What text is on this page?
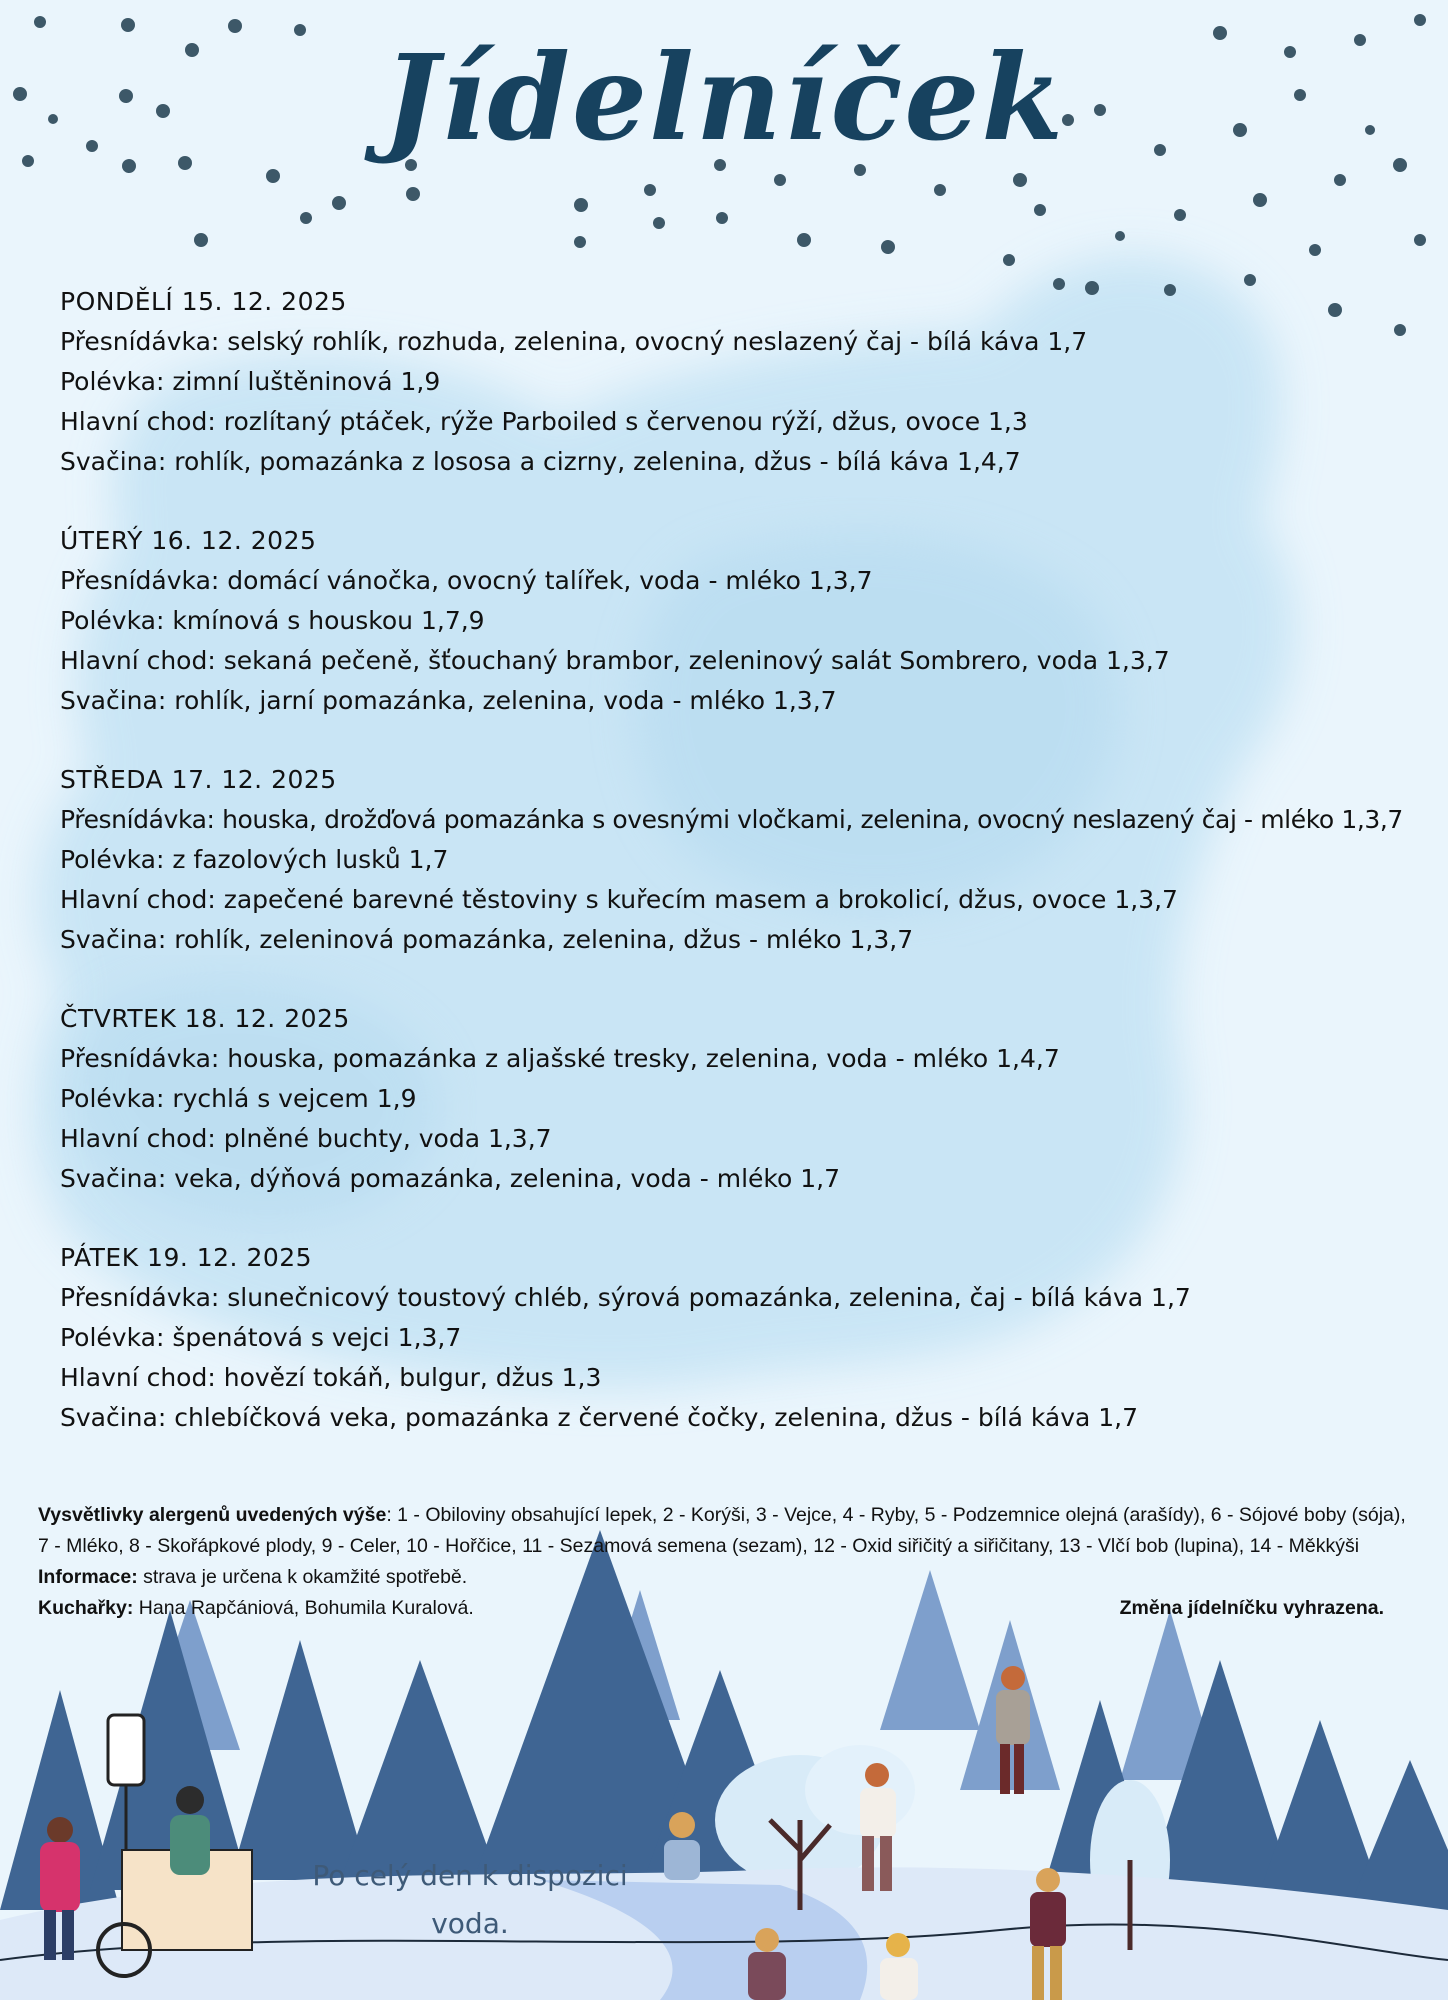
Jídelníček
PONDĚLÍ 15. 12. 2025
Přesnídávka: selský rohlík, rozhuda, zelenina, ovocný neslazený čaj - bílá káva 1,7
Polévka: zimní luštěninová 1,9
Hlavní chod: rozlítaný ptáček, rýže Parboiled s červenou rýží, džus, ovoce 1,3
Svačina: rohlík, pomazánka z lososa a cizrny, zelenina, džus - bílá káva 1,4,7
ÚTERÝ 16. 12. 2025
Přesnídávka: domácí vánočka, ovocný talířek, voda - mléko 1,3,7
Polévka: kmínová s houskou 1,7,9
Hlavní chod: sekaná pečeně, šťouchaný brambor, zeleninový salát Sombrero, voda 1,3,7
Svačina: rohlík, jarní pomazánka, zelenina, voda - mléko 1,3,7
STŘEDA 17. 12. 2025
Přesnídávka: houska, drožďová pomazánka s ovesnými vločkami, zelenina, ovocný neslazený čaj - mléko 1,3,7
Polévka: z fazolových lusků 1,7
Hlavní chod: zapečené barevné těstoviny s kuřecím masem a brokolicí, džus, ovoce 1,3,7
Svačina: rohlík, zeleninová pomazánka, zelenina, džus - mléko 1,3,7
ČTVRTEK 18. 12. 2025
Přesnídávka: houska, pomazánka z aljašské tresky, zelenina, voda - mléko 1,4,7
Polévka: rychlá s vejcem 1,9
Hlavní chod: plněné buchty, voda 1,3,7
Svačina: veka, dýňová pomazánka, zelenina, voda - mléko 1,7
PÁTEK 19. 12. 2025
Přesnídávka: slunečnicový toustový chléb, sýrová pomazánka, zelenina, čaj - bílá káva 1,7
Polévka: špenátová s vejci 1,3,7
Hlavní chod: hovězí tokáň, bulgur, džus 1,3
Svačina: chlebíčková veka, pomazánka z červené čočky, zelenina, džus - bílá káva 1,7
Po celý den k dispozici
voda.
Vysvětlivky alergenů uvedených výše: 1 - Obiloviny obsahující lepek, 2 - Korýši, 3 - Vejce, 4 - Ryby, 5 - Podzemnice olejná (arašídy), 6 - Sójové boby (sója), 7 - Mléko, 8 - Skořápkové plody, 9 - Celer, 10 - Hořčice, 11 - Sezamová semena (sezam), 12 - Oxid siřičitý a siřičitany, 13 - Vlčí bob (lupina), 14 - Měkkýši
Informace: strava je určena k okamžité spotřebě.
Kuchařky: Hana Rapčániová, Bohumila Kuralová.	Změna jídelníčku vyhrazena.
